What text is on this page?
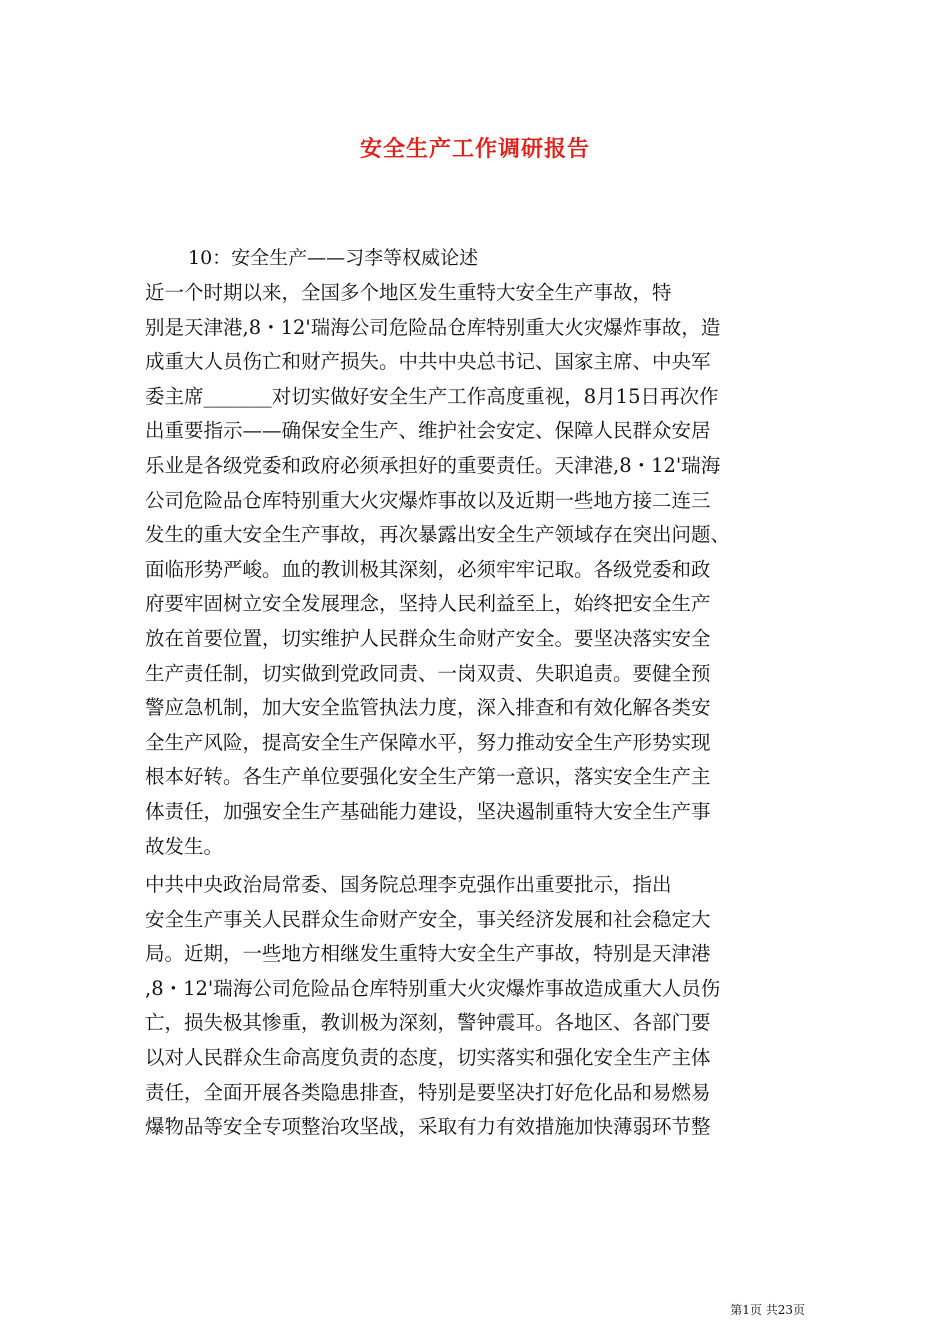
安全生产工作调研报告
10：安全生产——习李等权威论述
近一个时期以来，全国多个地区发生重特大安全生产事故，特
别是天津港,8・12'瑞海公司危险品仓库特别重大火灾爆炸事故，造
成重大人员伤亡和财产损失。中共中央总书记、国家主席、中央军
委主席_______对切实做好安全生产工作高度重视，8月15日再次作
出重要指示——确保安全生产、维护社会安定、保障人民群众安居
乐业是各级党委和政府必须承担好的重要责任。天津港,8・12'瑞海
公司危险品仓库特别重大火灾爆炸事故以及近期一些地方接二连三
发生的重大安全生产事故，再次暴露出安全生产领域存在突出问题、
面临形势严峻。血的教训极其深刻，必须牢牢记取。各级党委和政
府要牢固树立安全发展理念，坚持人民利益至上，始终把安全生产
放在首要位置，切实维护人民群众生命财产安全。要坚决落实安全
生产责任制，切实做到党政同责、一岗双责、失职追责。要健全预
警应急机制，加大安全监管执法力度，深入排查和有效化解各类安
全生产风险，提高安全生产保障水平，努力推动安全生产形势实现
根本好转。各生产单位要强化安全生产第一意识，落实安全生产主
体责任，加强安全生产基础能力建设，坚决遏制重特大安全生产事
故发生。
中共中央政治局常委、国务院总理李克强作出重要批示，指出
安全生产事关人民群众生命财产安全，事关经济发展和社会稳定大
局。近期，一些地方相继发生重特大安全生产事故，特别是天津港
,8・12'瑞海公司危险品仓库特别重大火灾爆炸事故造成重大人员伤
亡，损失极其惨重，教训极为深刻，警钟震耳。各地区、各部门要
以对人民群众生命高度负责的态度，切实落实和强化安全生产主体
责任，全面开展各类隐患排查，特别是要坚决打好危化品和易燃易
爆物品等安全专项整治攻坚战，采取有力有效措施加快薄弱环节整
第1页 共23页
